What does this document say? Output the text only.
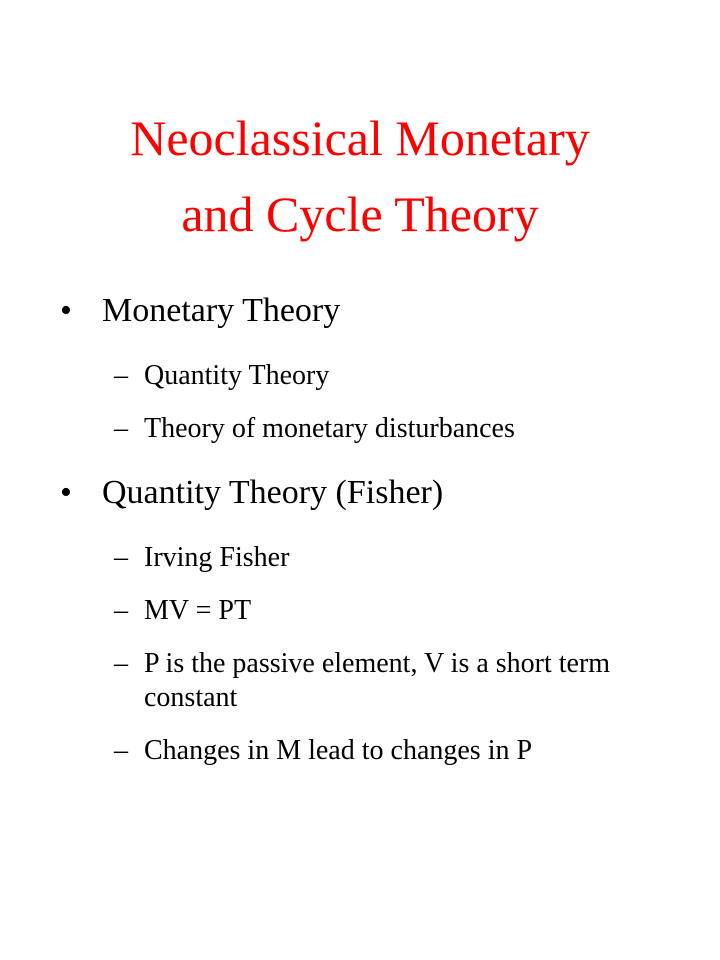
Neoclassical Monetary
and Cycle Theory
• Monetary Theory
– Quantity Theory
– Theory of monetary disturbances
• Quantity Theory (Fisher)
– Irving Fisher
– MV = PT
– P is the passive element, V is a short term constant
– Changes in M lead to changes in P
